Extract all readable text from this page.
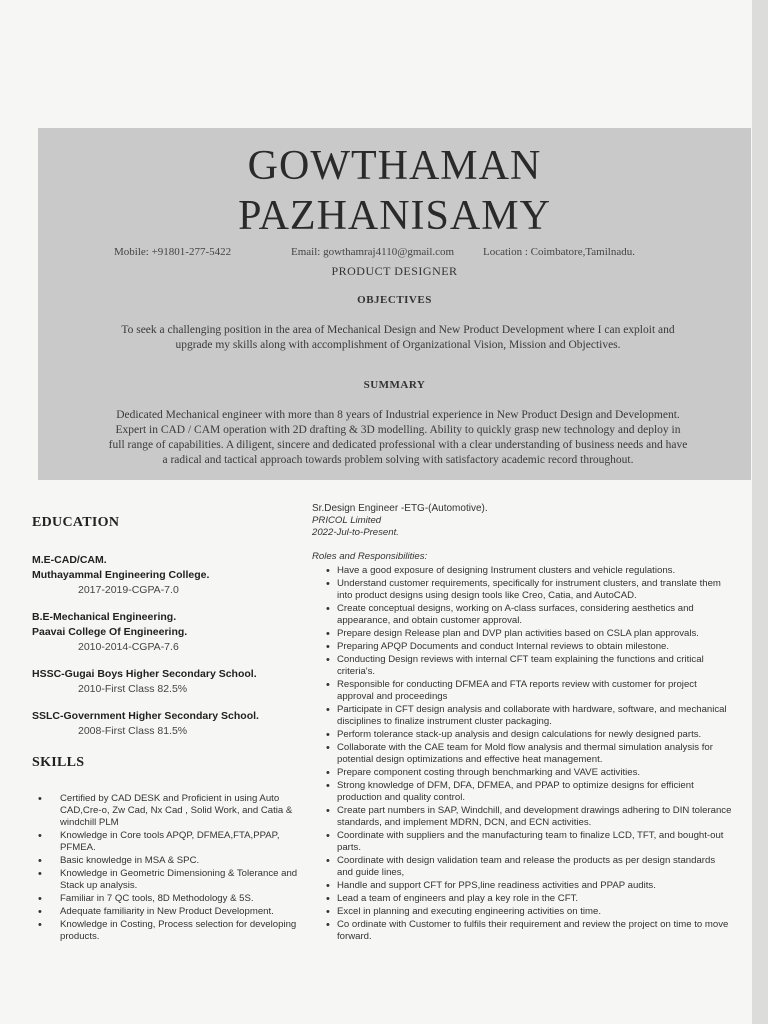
GOWTHAMAN
PAZHANISAMY
Mobile: +91801-277-5422	Email: gowthamraj4110@gmail.com	Location : Coimbatore,Tamilnadu.
PRODUCT DESIGNER
OBJECTIVES
To seek a challenging position in the area of Mechanical Design and New Product Development where I can exploit and upgrade my skills along with accomplishment of Organizational Vision, Mission and Objectives.
SUMMARY
Dedicated Mechanical engineer with more than 8 years of Industrial experience in New Product Design and Development. Expert in CAD / CAM operation with 2D drafting & 3D modelling. Ability to quickly grasp new technology and deploy in full range of capabilities. A diligent, sincere and dedicated professional with a clear understanding of business needs and have a radical and tactical approach towards problem solving with satisfactory academic record throughout.
EDUCATION
M.E-CAD/CAM.
Muthayammal Engineering College.
2017-2019-CGPA-7.0
B.E-Mechanical Engineering.
Paavai College Of Engineering.
2010-2014-CGPA-7.6
HSSC-Gugai Boys Higher Secondary School.
2010-First Class 82.5%
SSLC-Government Higher Secondary School.
2008-First Class 81.5%
SKILLS
• Certified by CAD DESK and Proficient in using Auto CAD,Cre-o, Zw Cad, Nx Cad , Solid Work, and Catia & windchill PLM
• Knowledge in Core tools APQP, DFMEA,FTA,PPAP, PFMEA.
• Basic knowledge in MSA & SPC.
• Knowledge in Geometric Dimensioning & Tolerance and Stack up analysis.
• Familiar in 7 QC tools, 8D Methodology & 5S.
• Adequate familiarity in New Product Development.
• Knowledge in Costing, Process selection for developing products.
Sr.Design Engineer -ETG-(Automotive).
PRICOL Limited
2022-Jul-to-Present.
Roles and Responsibilities:
• Have a good exposure of designing Instrument clusters and vehicle regulations.
• Understand customer requirements, specifically for instrument clusters, and translate them into product designs using design tools like Creo, Catia, and AutoCAD.
• Create conceptual designs, working on A-class surfaces, considering aesthetics and appearance, and obtain customer approval.
• Prepare design Release plan and DVP plan activities based on CSLA plan approvals.
• Preparing APQP Documents and conduct Internal reviews to obtain milestone.
• Conducting Design reviews with internal CFT team explaining the functions and critical criteria's.
• Responsible for conducting DFMEA and FTA reports review with customer for project approval and proceedings
• Participate in CFT design analysis and collaborate with hardware, software, and mechanical disciplines to finalize instrument cluster packaging.
• Perform tolerance stack-up analysis and design calculations for newly designed parts.
• Collaborate with the CAE team for Mold flow analysis and thermal simulation analysis for potential design optimizations and effective heat management.
• Prepare component costing through benchmarking and VAVE activities.
• Strong knowledge of DFM, DFA, DFMEA, and PPAP to optimize designs for efficient production and quality control.
• Create part numbers in SAP, Windchill, and development drawings adhering to DIN tolerance standards, and implement MDRN, DCN, and ECN activities.
• Coordinate with suppliers and the manufacturing team to finalize LCD, TFT, and bought-out parts.
• Coordinate with design validation team and release the products as per design standards and guide lines,
• Handle and support CFT for PPS,line readiness activities and PPAP audits.
• Lead a team of engineers and play a key role in the CFT.
• Excel in planning and executing engineering activities on time.
• Co ordinate with Customer to fulfils their requirement and review the project on time to move forward.
